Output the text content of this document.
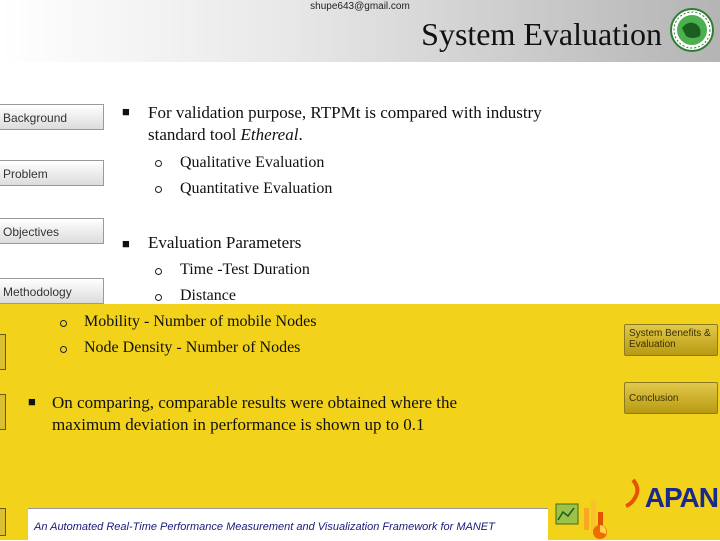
shupe643@gmail.com
System Evaluation
Background
Problem
Objectives
Methodology
■ For validation purpose, RTPMt is compared with industry
standard tool Ethereal.
Qualitative Evaluation
Quantitative Evaluation
■ Evaluation Parameters
Time -Test Duration
Distance
Mobility - Number of mobile Nodes
Node Density - Number of Nodes
■ On comparing, comparable results were obtained where the
maximum deviation in performance is shown up to 0.1
System Benefits & Evaluation
Conclusion
An Automated Real-Time Performance Measurement and Visualization Framework for MANET
APAN
